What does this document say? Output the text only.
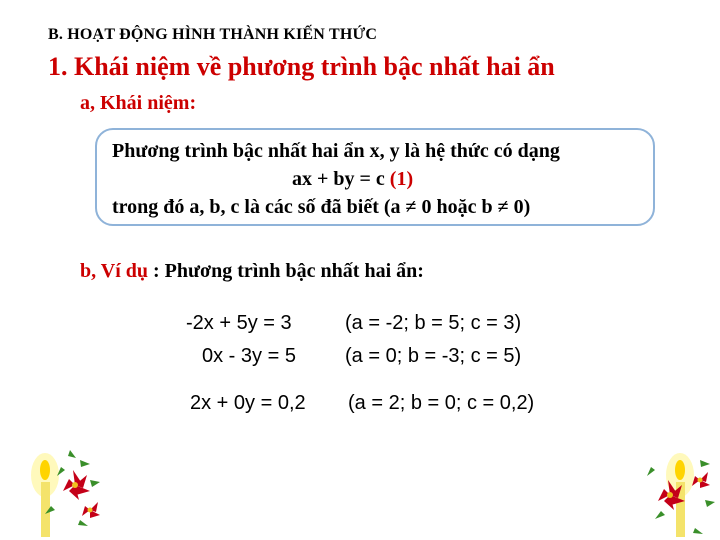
B. HOẠT ĐỘNG HÌNH THÀNH KIẾN THỨC
1. Khái niệm về phương trình bậc nhất hai ẩn
a, Khái niệm:
Phương trình bậc nhất hai ẩn x, y là hệ thức có dạng
ax + by = c (1)
trong đó a, b, c là các số đã biết (a ≠ 0 hoặc b ≠ 0)
b, Ví dụ : Phương trình bậc nhất hai ẩn:
-2x + 5y = 3	(a = -2; b = 5; c = 3)
0x - 3y = 5 (a = 0; b = -3; c = 5)
2x + 0y = 0,2 (a = 2; b = 0; c = 0,2)
